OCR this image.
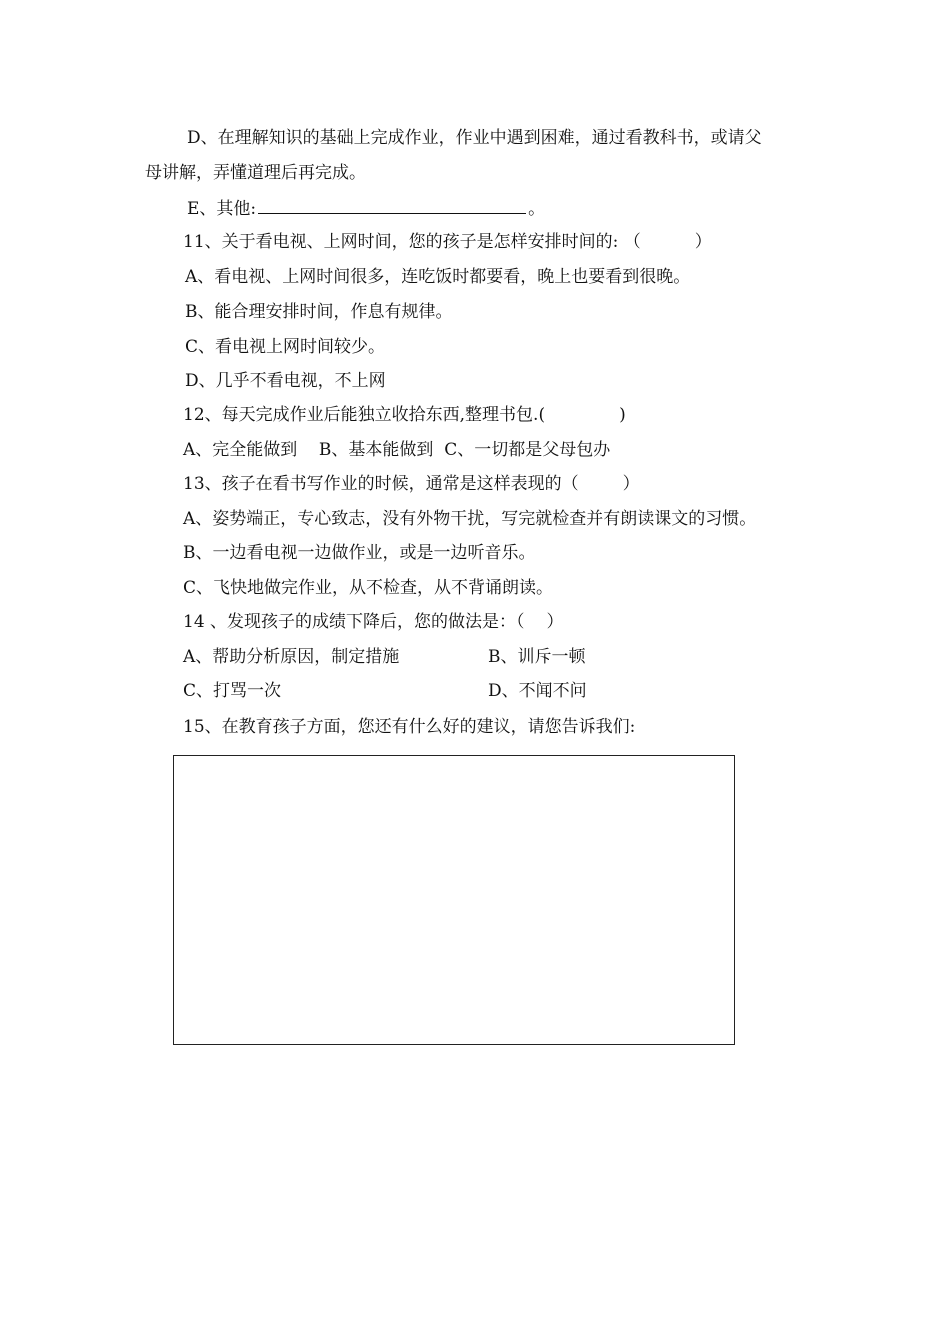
D、在理解知识的基础上完成作业，作业中遇到困难，通过看教科书，或请父
母讲解，弄懂道理后再完成。
E、其他:	。
11、关于看电视、上网时间，您的孩子是怎样安排时间的: （	）
A、看电视、上网时间很多，连吃饭时都要看，晚上也要看到很晚。
B、能合理安排时间，作息有规律。
C、看电视上网时间较少。
D、几乎不看电视，不上网
12、每天完成作业后能独立收拾东西,整理书包.(	)
A、完全能做到    B、基本能做到  C、一切都是父母包办
13、孩子在看书写作业的时候，通常是这样表现的（	）
A、姿势端正，专心致志，没有外物干扰，写完就检查并有朗读课文的习惯。
B、一边看电视一边做作业，或是一边听音乐。
C、飞快地做完作业，从不检查，从不背诵朗读。
14 、发现孩子的成绩下降后，您的做法是：（ ）
A、帮助分析原因，制定措施	B、训斥一顿
C、打骂一次	D、不闻不问
15、在教育孩子方面，您还有什么好的建议，请您告诉我们:
